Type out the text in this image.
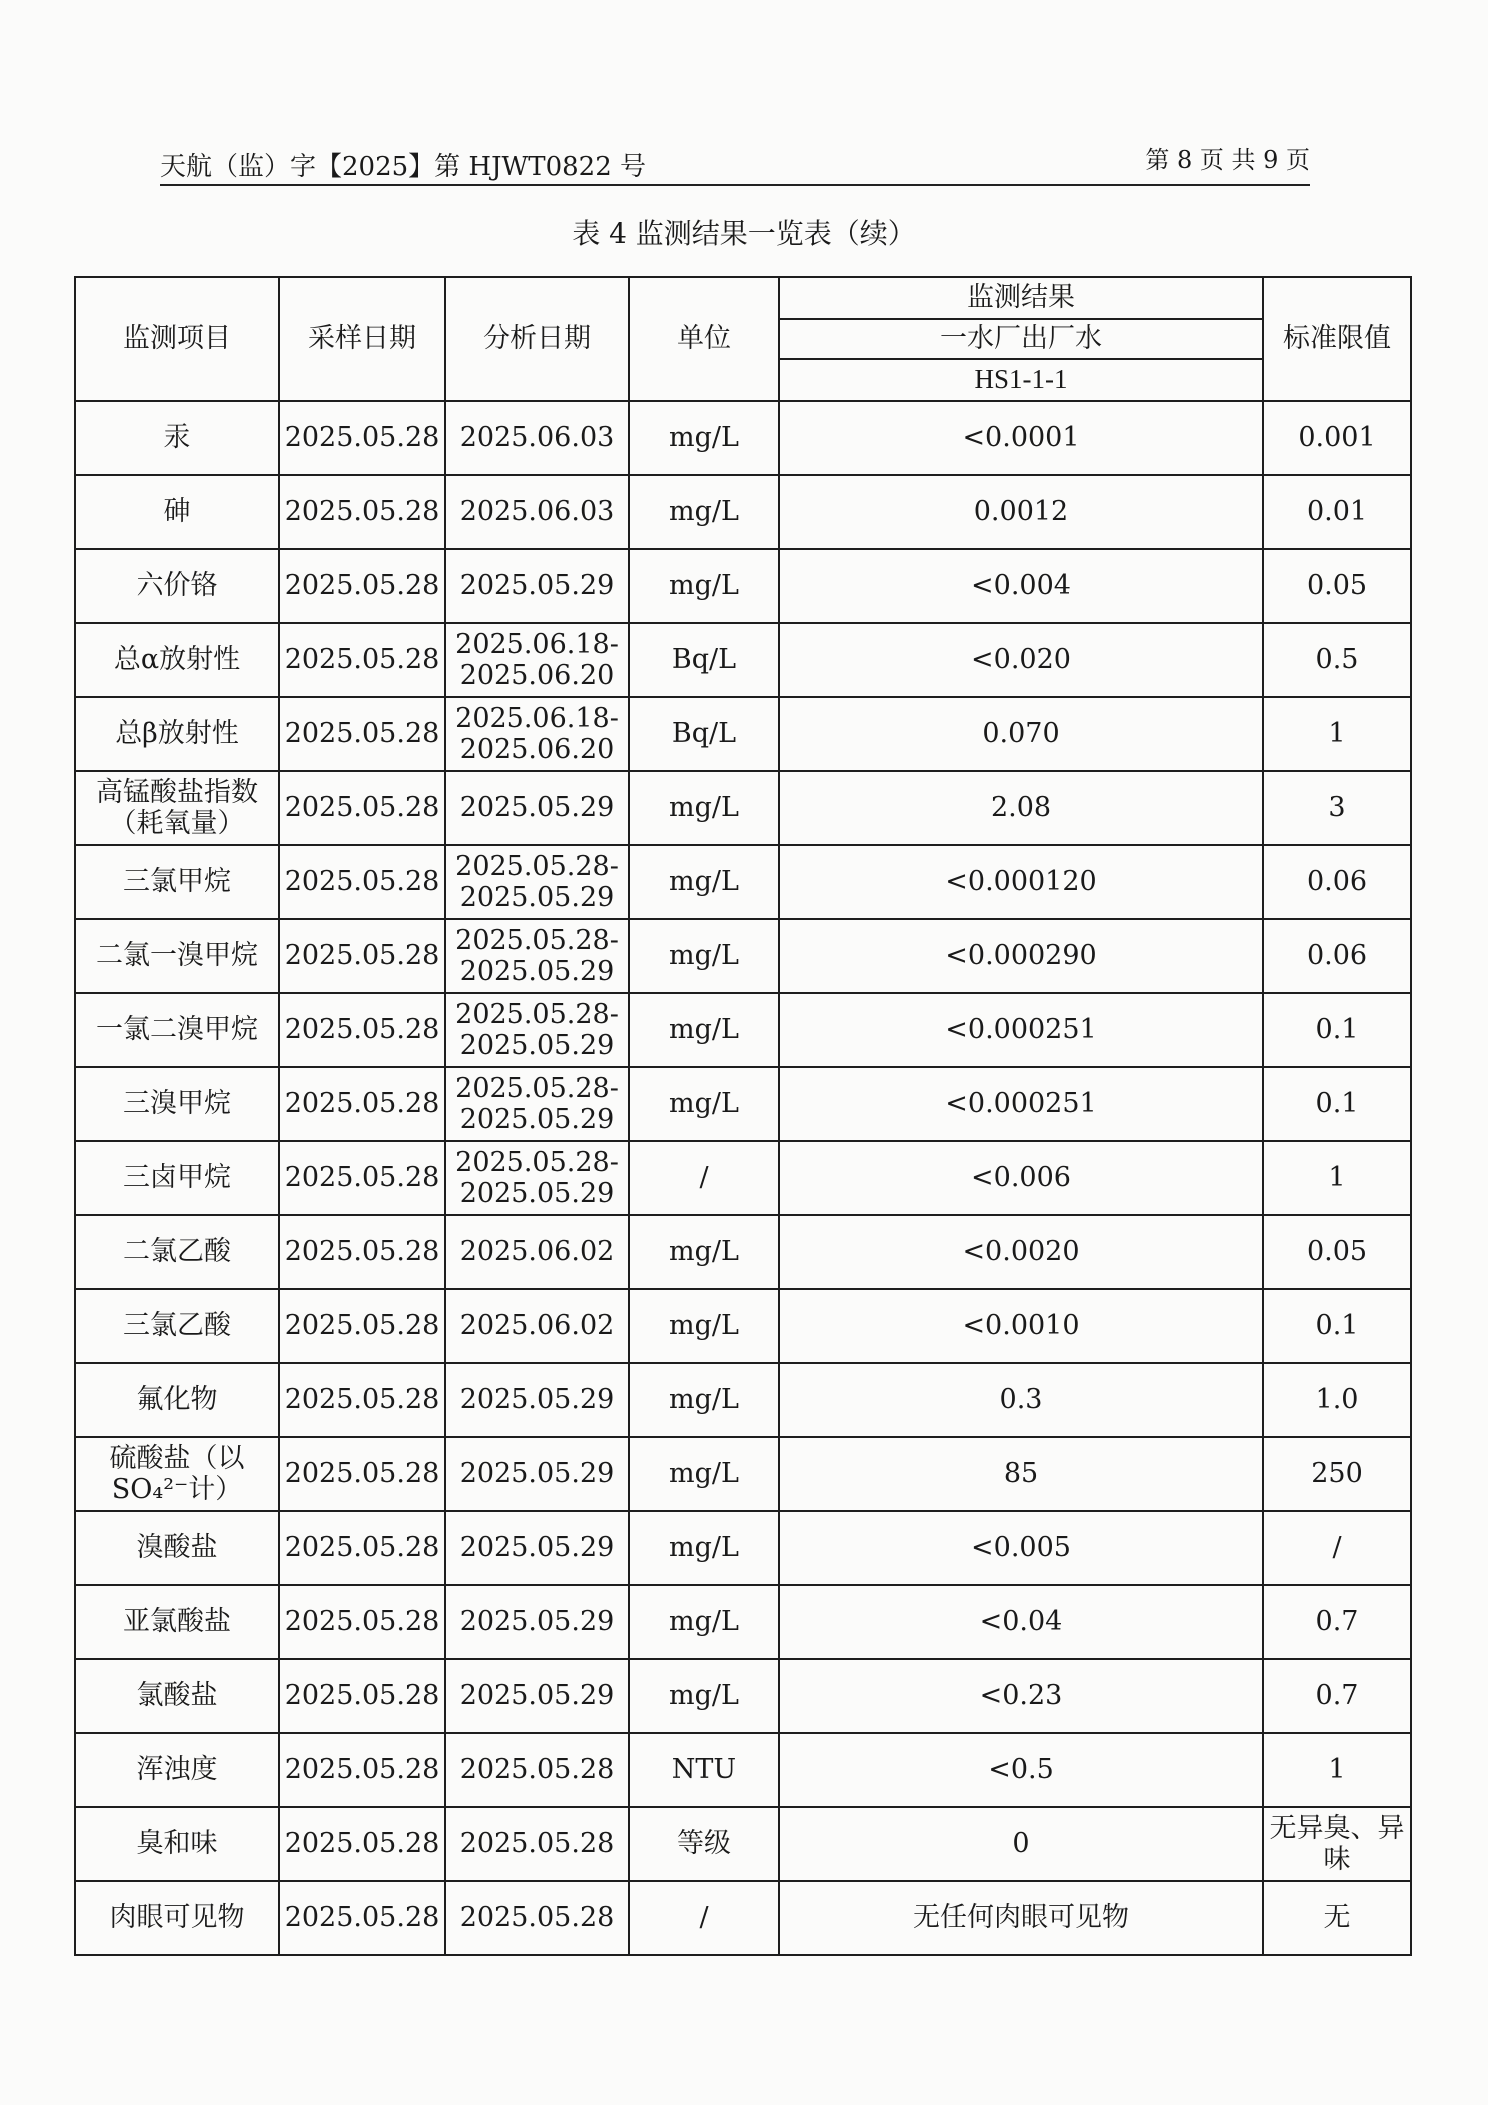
天航（监）字【2025】第 HJWT0822 号	第 8 页 共 9 页
表 4 监测结果一览表（续）
监测项目	采样日期	分析日期	单位	监测结果	标准限值
				一水厂出厂水	
				HS1-1-1	
汞	2025.05.28	2025.06.03	mg/L	<0.0001	0.001
砷	2025.05.28	2025.06.03	mg/L	0.0012	0.01
六价铬	2025.05.28	2025.05.29	mg/L	<0.004	0.05
总α放射性	2025.05.28	2025.06.18-2025.06.20	Bq/L	<0.020	0.5
总β放射性	2025.05.28	2025.06.18-2025.06.20	Bq/L	0.070	1
高锰酸盐指数（耗氧量）	2025.05.28	2025.05.29	mg/L	2.08	3
三氯甲烷	2025.05.28	2025.05.28-2025.05.29	mg/L	<0.000120	0.06
二氯一溴甲烷	2025.05.28	2025.05.28-2025.05.29	mg/L	<0.000290	0.06
一氯二溴甲烷	2025.05.28	2025.05.28-2025.05.29	mg/L	<0.000251	0.1
三溴甲烷	2025.05.28	2025.05.28-2025.05.29	mg/L	<0.000251	0.1
三卤甲烷	2025.05.28	2025.05.28-2025.05.29	/	<0.006	1
二氯乙酸	2025.05.28	2025.06.02	mg/L	<0.0020	0.05
三氯乙酸	2025.05.28	2025.06.02	mg/L	<0.0010	0.1
氟化物	2025.05.28	2025.05.29	mg/L	0.3	1.0
硫酸盐（以SO₄²⁻计）	2025.05.28	2025.05.29	mg/L	85	250
溴酸盐	2025.05.28	2025.05.29	mg/L	<0.005	/
亚氯酸盐	2025.05.28	2025.05.29	mg/L	<0.04	0.7
氯酸盐	2025.05.28	2025.05.29	mg/L	<0.23	0.7
浑浊度	2025.05.28	2025.05.28	NTU	<0.5	1
臭和味	2025.05.28	2025.05.28	等级	0	无异臭、异味
肉眼可见物	2025.05.28	2025.05.28	/	无任何肉眼可见物	无
